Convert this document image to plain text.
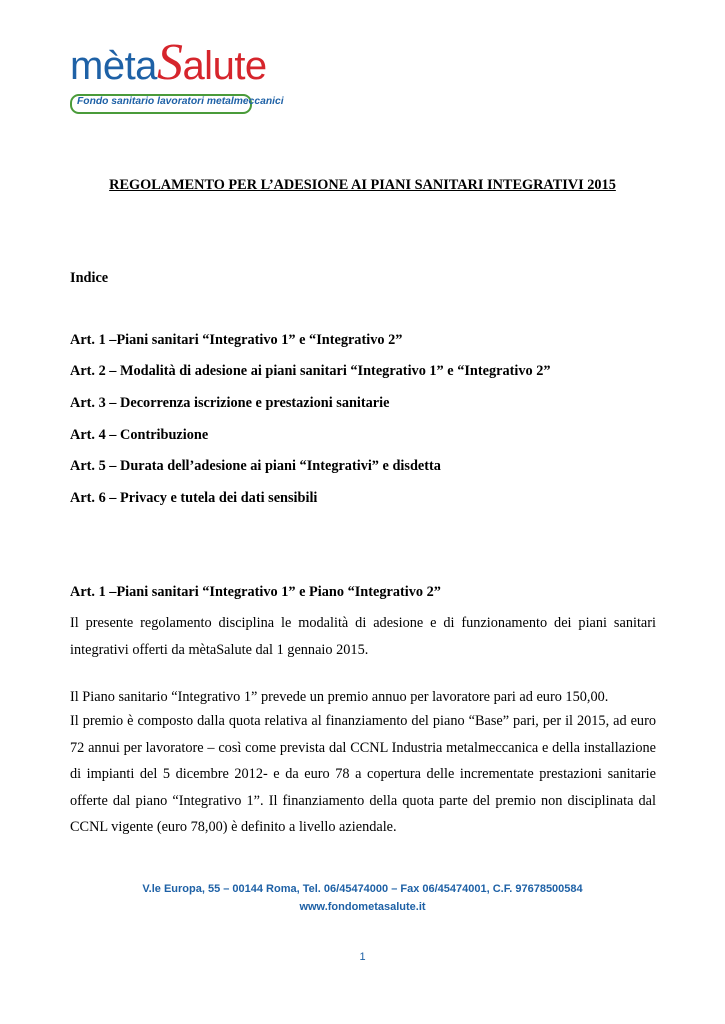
mètaSalute
Fondo sanitario lavoratori metalmeccanici
REGOLAMENTO PER L’ADESIONE AI PIANI SANITARI INTEGRATIVI 2015
Indice
Art. 1 –Piani sanitari “Integrativo 1” e “Integrativo 2”
Art. 2 – Modalità di adesione ai piani sanitari “Integrativo 1” e “Integrativo 2”
Art. 3 – Decorrenza iscrizione e prestazioni sanitarie
Art. 4 – Contribuzione
Art. 5 – Durata dell’adesione ai piani “Integrativi” e disdetta
Art. 6 – Privacy e tutela dei dati sensibili
Art. 1 –Piani sanitari “Integrativo 1” e Piano “Integrativo 2”
Il presente regolamento disciplina le modalità di adesione e di funzionamento dei piani sanitari integrativi offerti da mètaSalute dal 1 gennaio 2015.
Il Piano sanitario “Integrativo 1” prevede un premio annuo per lavoratore pari ad euro 150,00.
Il premio è composto dalla quota relativa al finanziamento del piano “Base” pari, per il 2015, ad euro 72 annui per lavoratore – così come prevista dal CCNL Industria metalmeccanica e della installazione di impianti del 5 dicembre 2012- e da euro 78 a copertura delle incrementate prestazioni sanitarie offerte dal piano “Integrativo 1”. Il finanziamento della quota parte del premio non disciplinata dal CCNL vigente (euro 78,00) è definito a livello aziendale.
V.le Europa, 55 – 00144 Roma, Tel. 06/45474000 – Fax 06/45474001, C.F. 97678500584
www.fondometasalute.it
1
